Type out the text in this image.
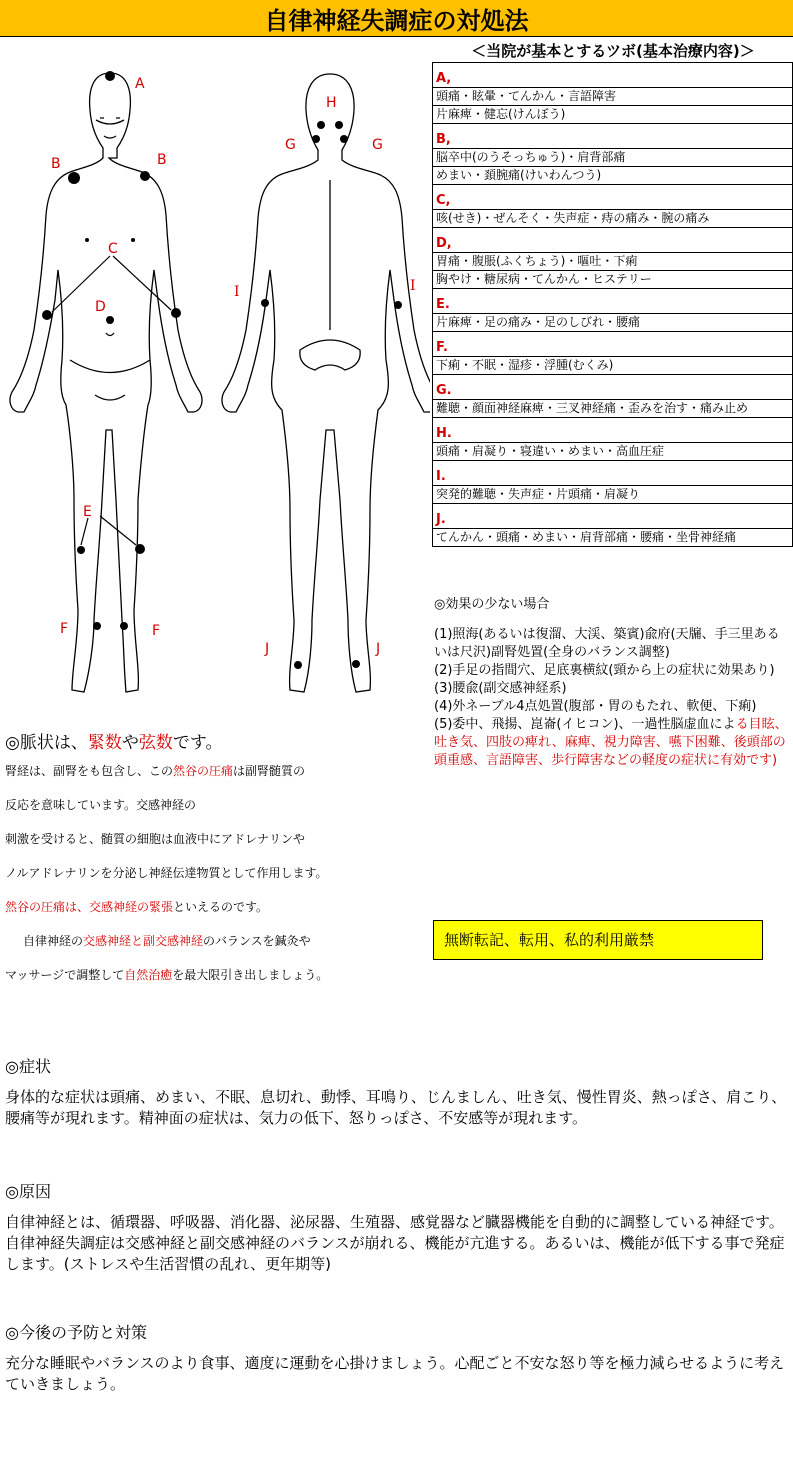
自律神経失調症の対処法
A
B	B
C
D
E
F	F
H
G	G
I	I
J	J
＜当院が基本とするツボ(基本治療内容)＞
A,
頭痛・眩暈・てんかん・言語障害
片麻痺・健忘(けんぼう)
B,
脳卒中(のうそっちゅう)・肩背部痛
めまい・頚腕痛(けいわんつう)
C,
咳(せき)・ぜんそく・失声症・痔の痛み・腕の痛み
D,
胃痛・腹脹(ふくちょう)・嘔吐・下痢
胸やけ・糖尿病・てんかん・ヒステリー
E.
片麻痺・足の痛み・足のしびれ・腰痛
F.
下痢・不眠・湿疹・浮腫(むくみ)
G.
難聴・顔面神経麻痺・三叉神経痛・歪みを治す・痛み止め
H.
頭痛・肩凝り・寝違い・めまい・高血圧症
I.
突発的難聴・失声症・片頭痛・肩凝り
J.
てんかん・頭痛・めまい・肩背部痛・腰痛・坐骨神経痛

◎効果の少ない場合

(1)照海(あるいは復溜、大渓、築賓)兪府(天牖、手三里あるいは尺沢)副腎処置(全身のバランス調整)

(2)手足の指間穴、足底裏横紋(頸から上の症状に効果あり)

(3)腰兪(副交感神経系)

(4)外ネーブル4点処置(腹部・胃のもたれ、軟便、下痢)

(5)委中、飛揚、崑崙(イヒコン)、一過性脳虚血による目眩、吐き気、四肢の痺れ、麻痺、視力障害、嚥下困難、後頭部の頭重感、言語障害、歩行障害などの軽度の症状に有効です)

無断転記、転用、私的利用厳禁
◎脈状は、緊数や弦数です。

腎経は、副腎をも包含し、この然谷の圧痛は副腎髄質の

反応を意味しています。交感神経の

刺激を受けると、髄質の細胞は血液中にアドレナリンや

ノルアドレナリンを分泌し神経伝達物質として作用します。

然谷の圧痛は、交感神経の緊張といえるのです。

自律神経の交感神経と副交感神経のバランスを鍼灸や

マッサージで調整して自然治癒を最大限引き出しましょう。

◎症状

身体的な症状は頭痛、めまい、不眠、息切れ、動悸、耳鳴り、じんましん、吐き気、慢性胃炎、熱っぽさ、肩こり、腰痛等が現れます。精神面の症状は、気力の低下、怒りっぽさ、不安感等が現れます。

◎原因

自律神経とは、循環器、呼吸器、消化器、泌尿器、生殖器、感覚器など臓器機能を自動的に調整している神経です。自律神経失調症は交感神経と副交感神経のバランスが崩れる、機能が亢進する。あるいは、機能が低下する事で発症します。(ストレスや生活習慣の乱れ、更年期等)

◎今後の予防と対策

充分な睡眠やバランスのより食事、適度に運動を心掛けましょう。心配ごと不安な怒り等を極力減らせるように考えていきましょう。
